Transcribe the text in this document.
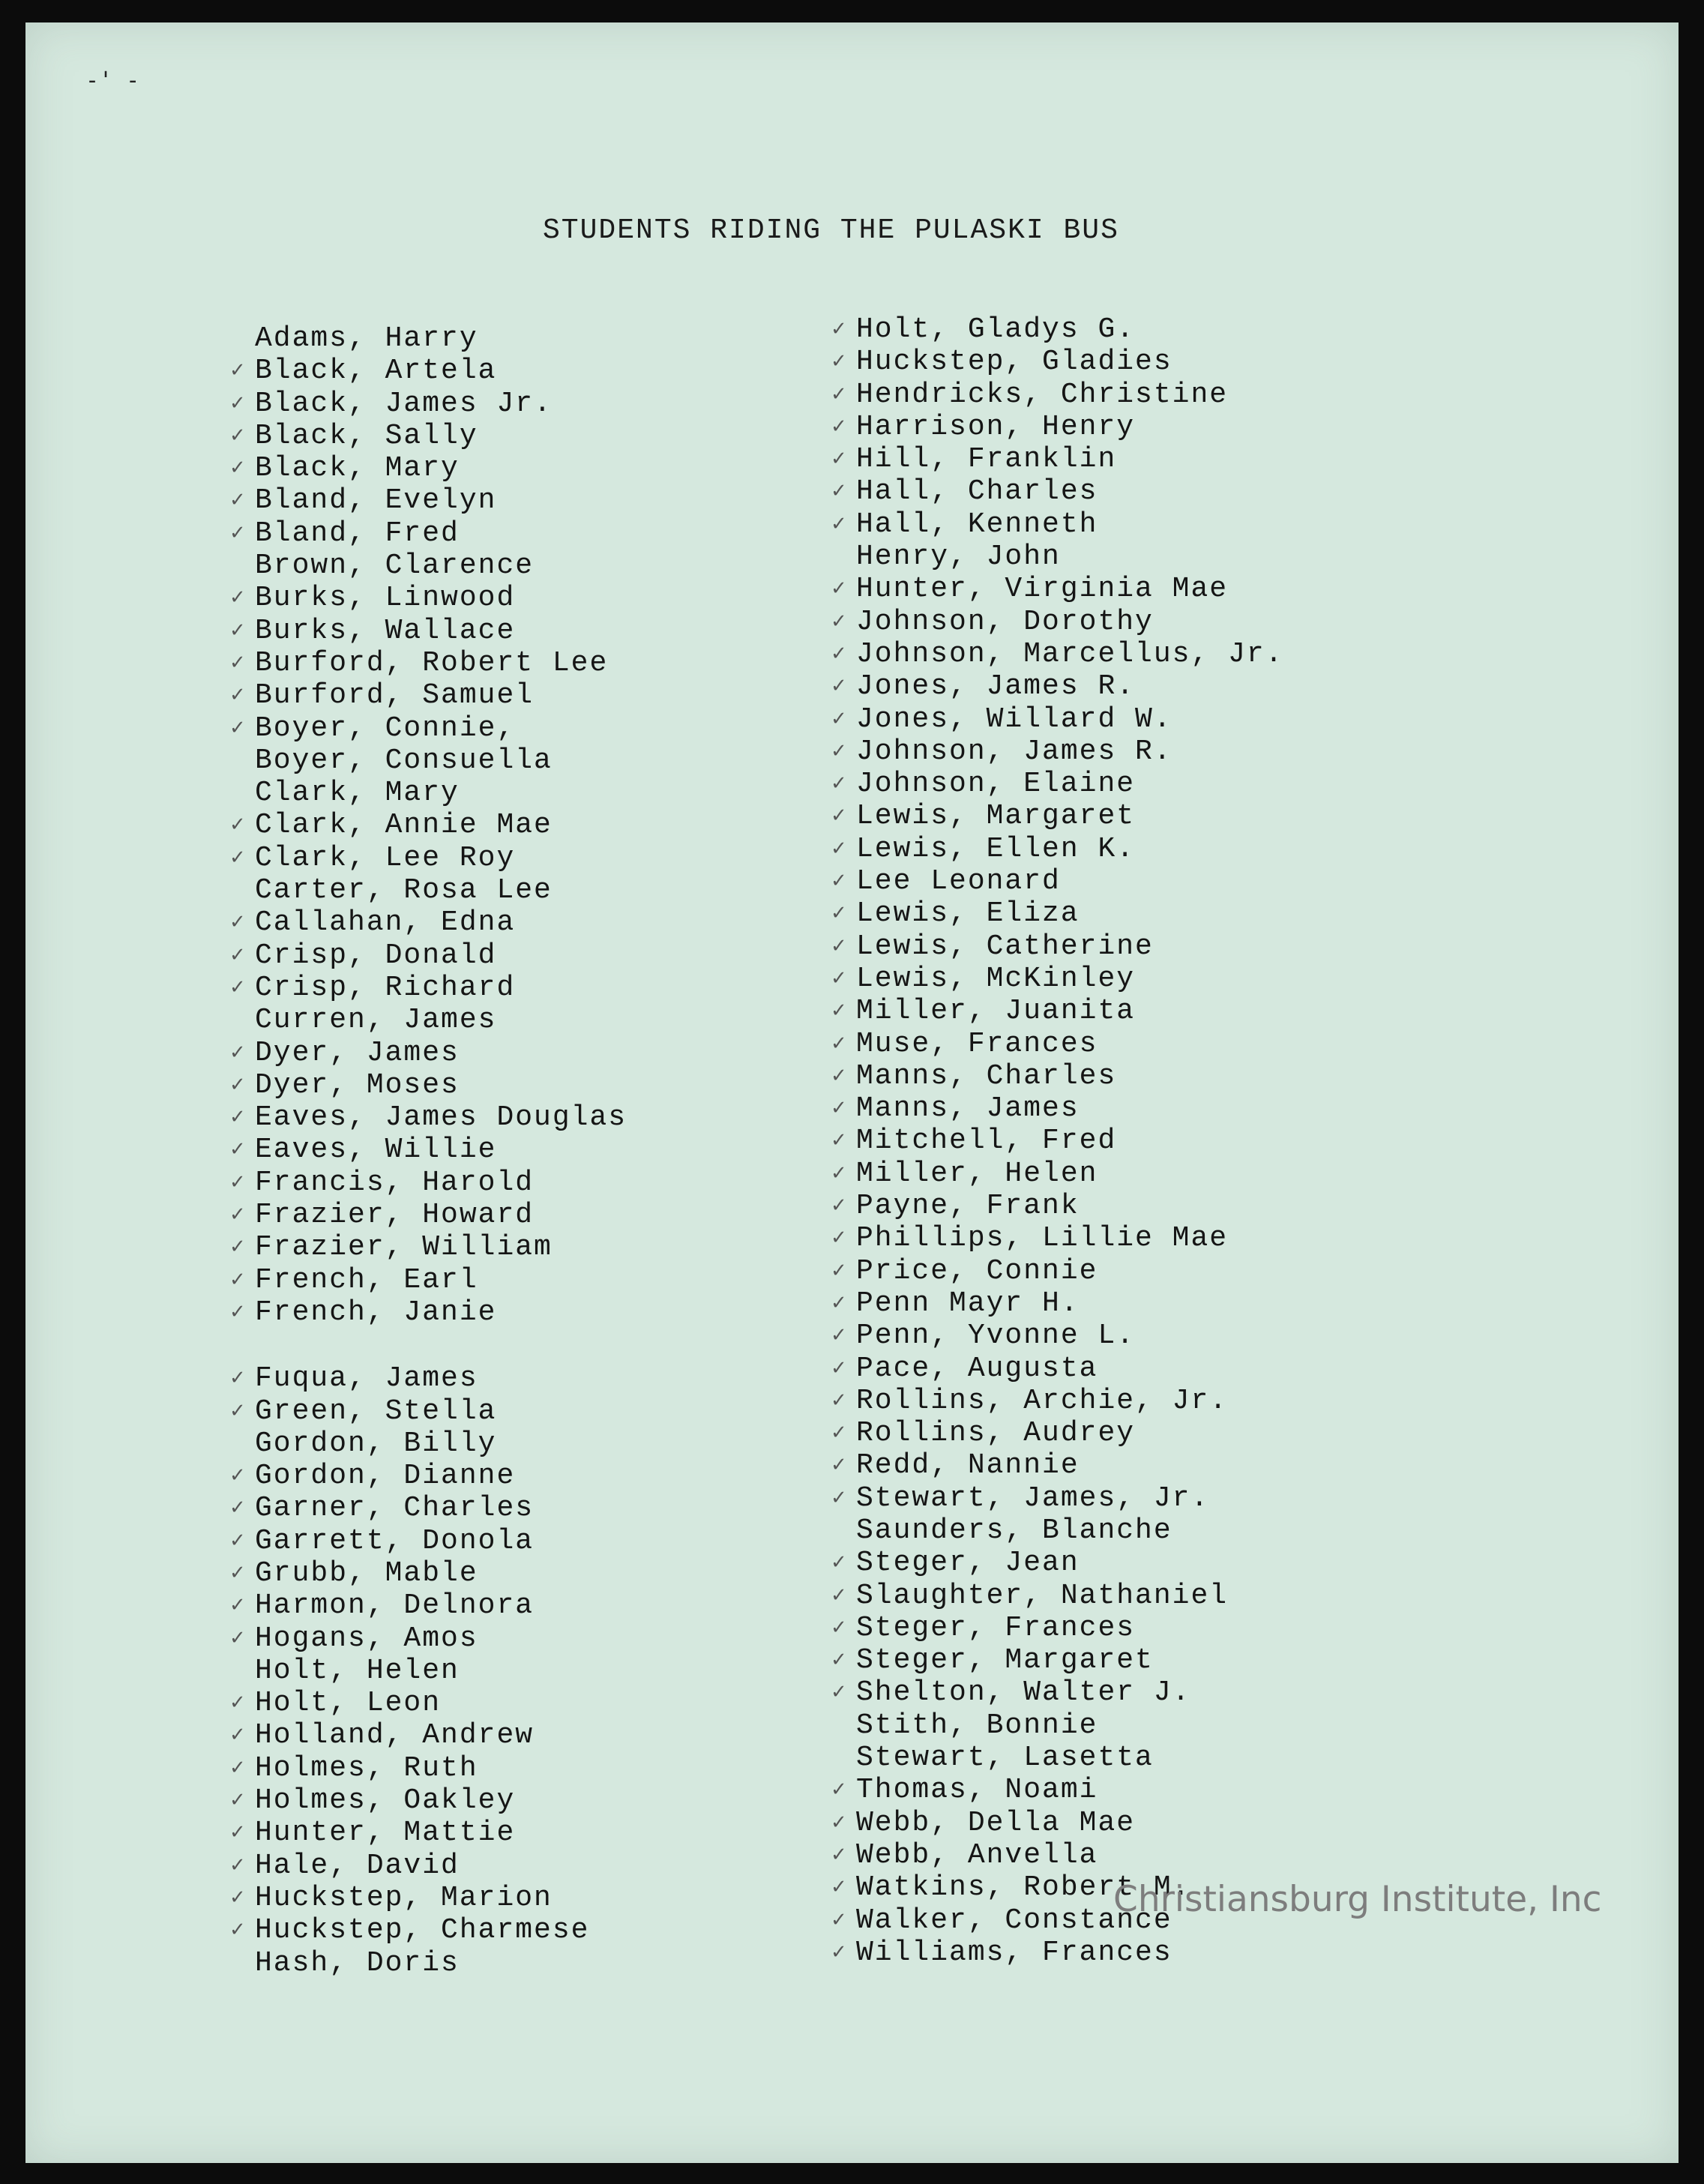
-' -
STUDENTS RIDING THE PULASKI BUS
Adams, Harry
✓ Black, Artela
✓ Black, James Jr.
✓ Black, Sally
✓ Black, Mary
✓ Bland, Evelyn
✓ Bland, Fred
Brown, Clarence
✓ Burks, Linwood
✓ Burks, Wallace
✓ Burford, Robert Lee
✓ Burford, Samuel
✓ Boyer, Connie,
Boyer, Consuella
Clark, Mary
✓ Clark, Annie Mae
✓ Clark, Lee Roy
Carter, Rosa Lee
✓ Callahan, Edna
✓ Crisp, Donald
✓ Crisp, Richard
Curren, James
✓ Dyer, James
✓ Dyer, Moses
✓ Eaves, James Douglas
✓ Eaves, Willie
✓ Francis, Harold
✓ Frazier, Howard
✓ Frazier, William
✓ French, Earl
✓ French, Janie
✓ Fuqua, James
✓ Green, Stella
Gordon, Billy
✓ Gordon, Dianne
✓ Garner, Charles
✓ Garrett, Donola
✓ Grubb, Mable
✓ Harmon, Delnora
✓ Hogans, Amos
Holt, Helen
✓ Holt, Leon
✓ Holland, Andrew
✓ Holmes, Ruth
✓ Holmes, Oakley
✓ Hunter, Mattie
✓ Hale, David
✓ Huckstep, Marion
✓ Huckstep, Charmese
Hash, Doris
✓ Holt, Gladys G.
✓ Huckstep, Gladies
✓ Hendricks, Christine
✓ Harrison, Henry
✓ Hill, Franklin
✓ Hall, Charles
✓ Hall, Kenneth
Henry, John
✓ Hunter, Virginia Mae
✓ Johnson, Dorothy
✓ Johnson, Marcellus, Jr.
✓ Jones, James R.
✓ Jones, Willard W.
✓ Johnson, James R.
✓ Johnson, Elaine
✓ Lewis, Margaret
✓ Lewis, Ellen K.
✓ Lee Leonard
✓ Lewis, Eliza
✓ Lewis, Catherine
✓ Lewis, McKinley
✓ Miller, Juanita
✓ Muse, Frances
✓ Manns, Charles
✓ Manns, James
✓ Mitchell, Fred
✓ Miller, Helen
✓ Payne, Frank
✓ Phillips, Lillie Mae
✓ Price, Connie
✓ Penn Mayr H.
✓ Penn, Yvonne L.
✓ Pace, Augusta
✓ Rollins, Archie, Jr.
✓ Rollins, Audrey
✓ Redd, Nannie
✓ Stewart, James, Jr.
Saunders, Blanche
✓ Steger, Jean
✓ Slaughter, Nathaniel
✓ Steger, Frances
✓ Steger, Margaret
✓ Shelton, Walter J.
Stith, Bonnie
Stewart, Lasetta
✓ Thomas, Noami
✓ Webb, Della Mae
✓ Webb, Anvella
✓ Watkins, Robert M.
✓ Walker, Constance
✓ Williams, Frances
Christiansburg Institute, Inc
